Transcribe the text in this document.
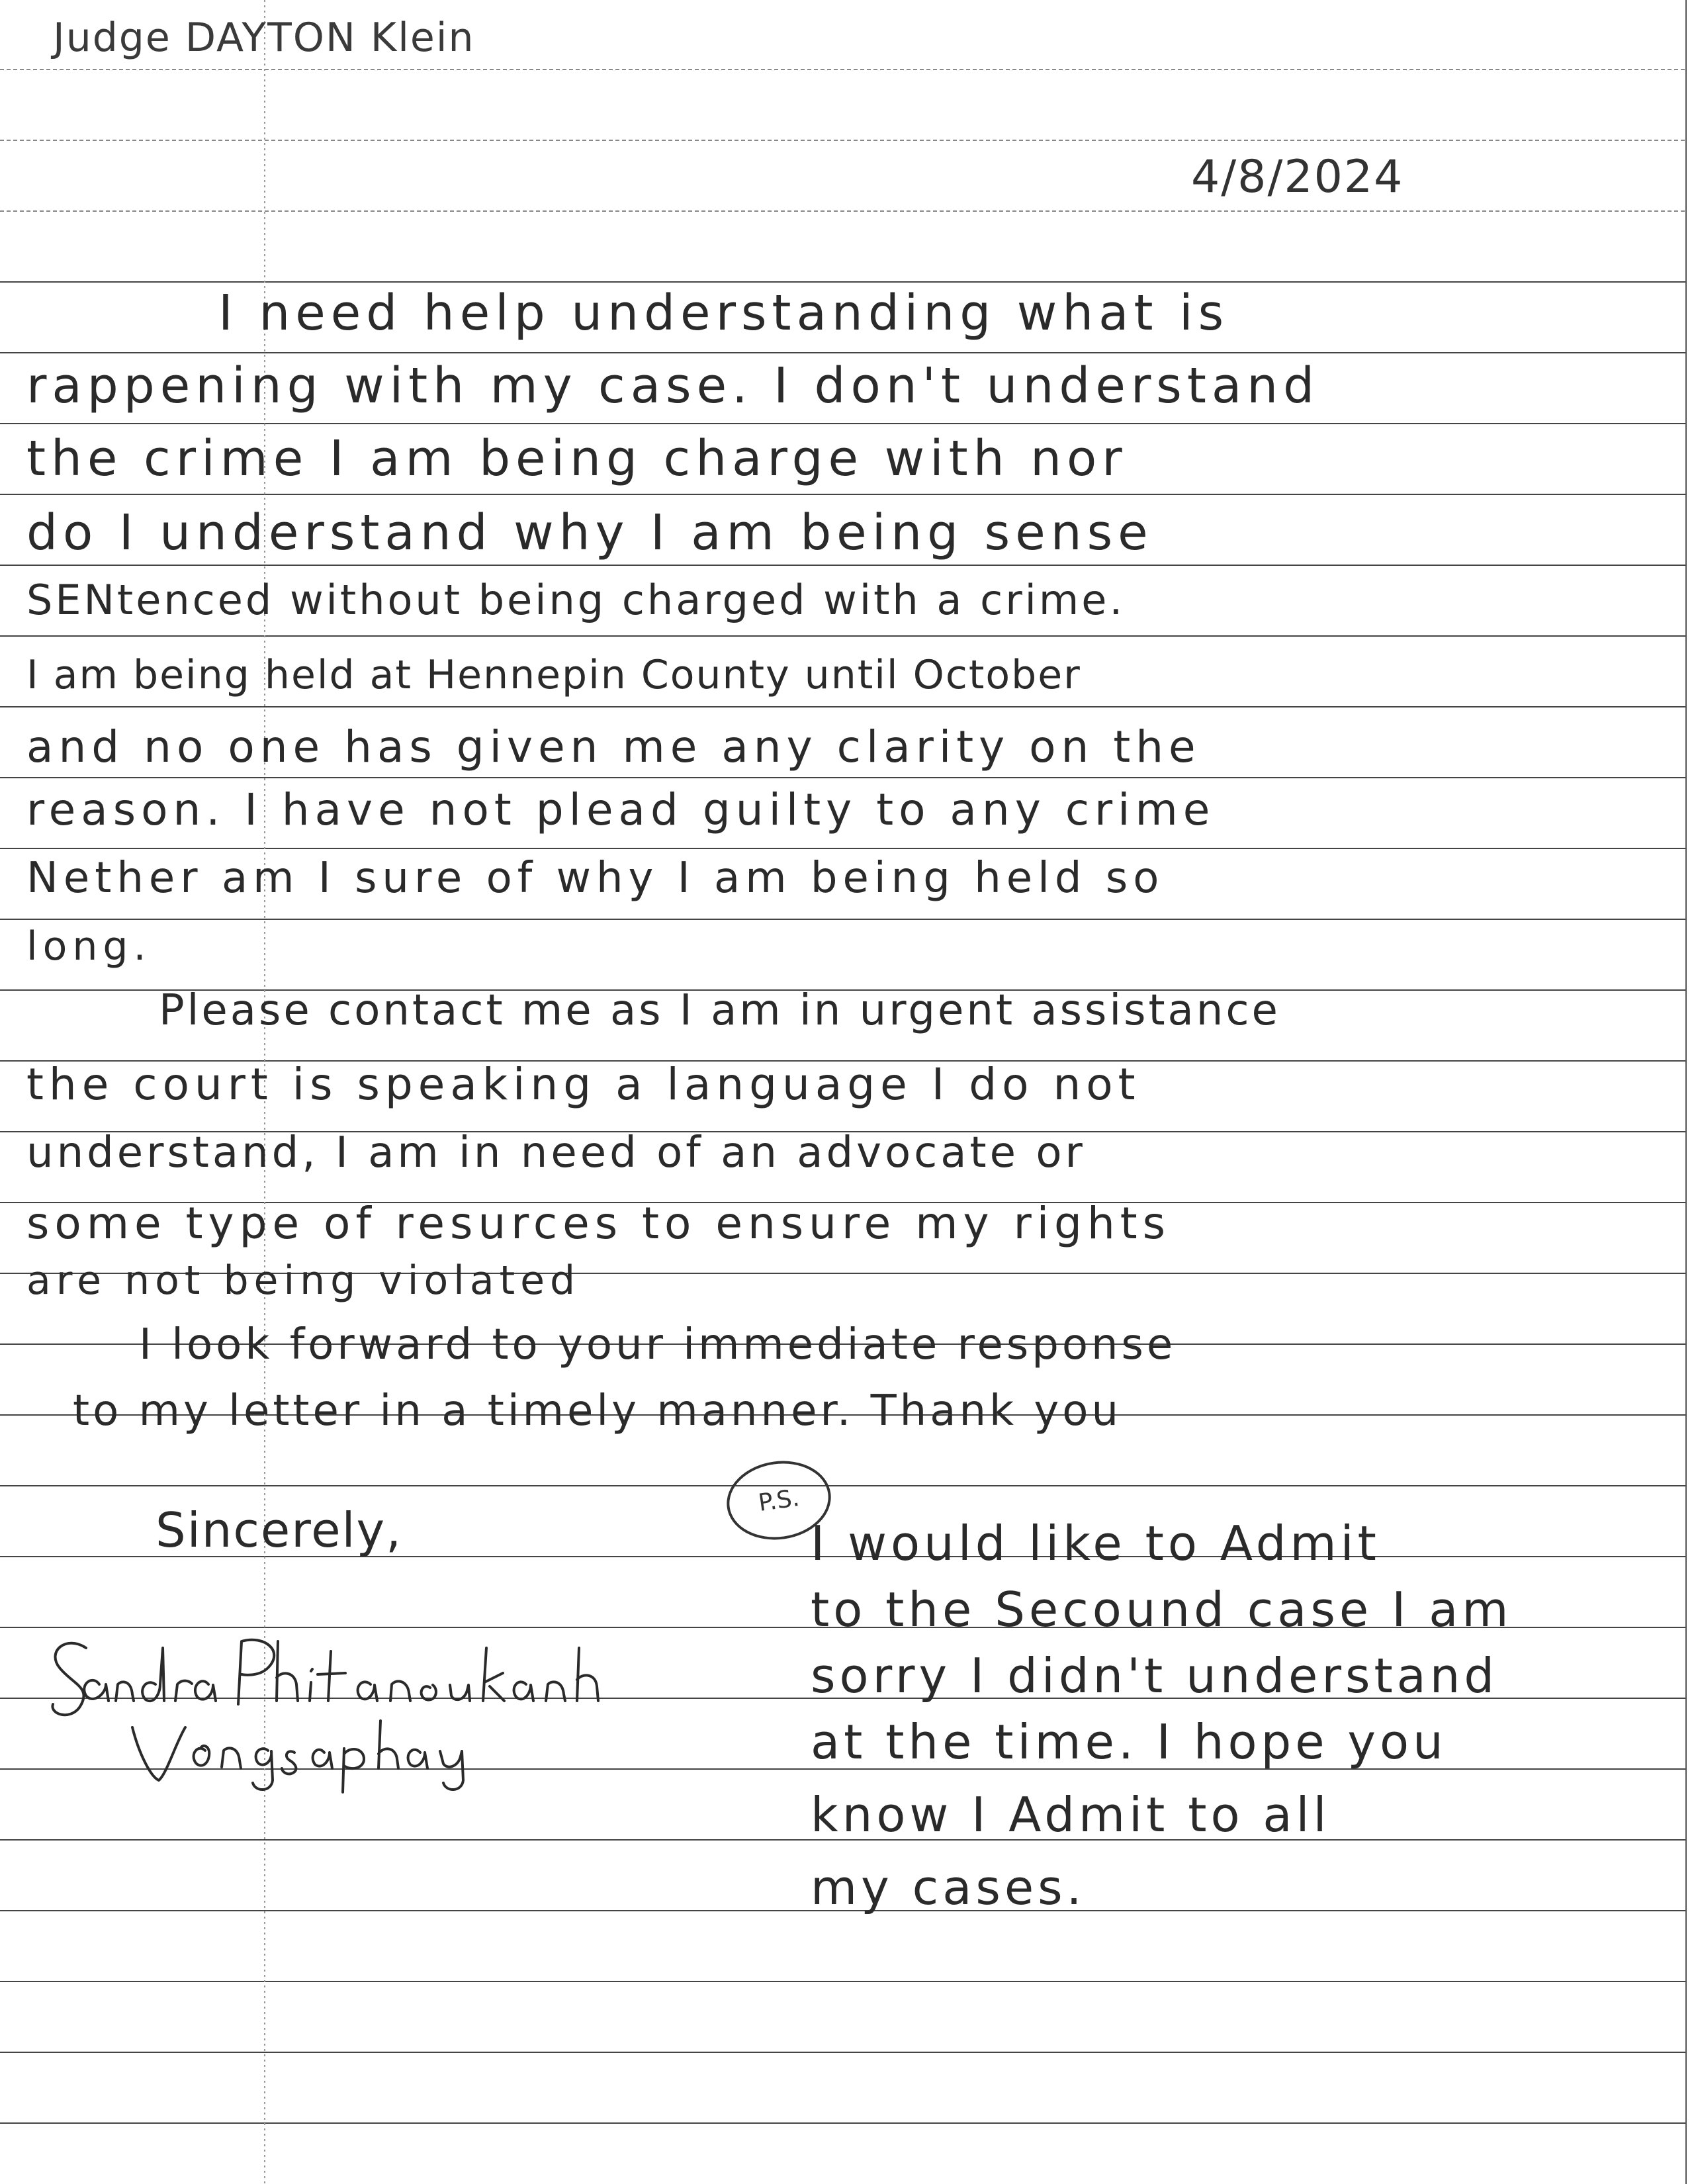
Judge DAYTON Klein

4/8/2024

I need help understanding what is

rappening with my case. I don't understand

the crime I am being charge with nor

do I understand why I am being sense

SENtenced without being charged with a crime.

I am being held at Hennepin County until October

and no one has given me any clarity on the

reason. I have not plead guilty to any crime

Nether am I sure of why I am being held so

long.

Please contact me as I am in urgent assistance

the court is speaking a language I do not

understand, I am in need of an advocate or

some type of resurces to ensure my rights

are not being violated

I look forward to your immediate response

to my letter in a timely manner. Thank you

Sincerely,

P.S.

I would like to Admit

to the Secound case I am

sorry I didn't understand

at the time. I hope you

know I Admit to all

my cases.
